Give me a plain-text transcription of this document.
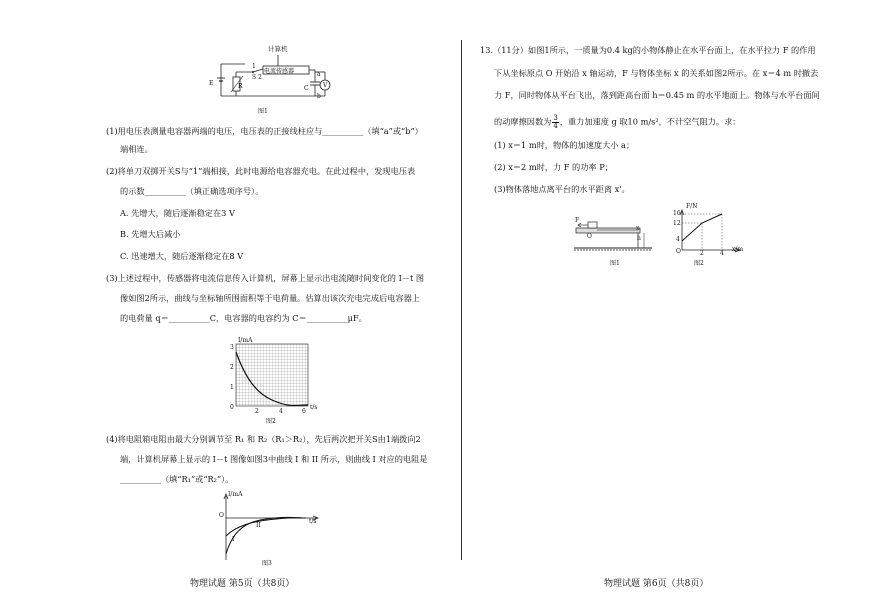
计算机
电流传感器
E	R
1
2
S
C
a
b
V
图1
(1)用电压表测量电容器两端的电压，电压表的正接线柱应与__________（填“a”或“b”）
端相连。
(2)将单刀双掷开关S与“1”端相接，此时电源给电容器充电。在此过程中，发现电压表
的示数__________（填正确选项序号）。
A. 先增大，随后逐渐稳定在3 V
B. 先增大后减小
C. 迅速增大，随后逐渐稳定在8 V
(3)上述过程中，传感器将电流信息传入计算机，屏幕上显示出电流随时间变化的 I－t 图
像如图2所示，曲线与坐标轴所围面积等于电荷量。估算出该次充电完成后电容器上
的电荷量 q＝__________C，电容器的电容约为 C＝__________μF。
I/mA
t/s
0
2	4	6
1
2
3
图2
(4)将电阻箱电阻由最大分别调节至 R₁ 和 R₂（R₁＞R₂），先后两次把开关S由1端拨向2
端，计算机屏幕上显示的 I－t 图像如图3中曲线 I 和 II 所示，则曲线 I 对应的电阻是
__________（填“R₁”或“R₂”）。
I/mA
t/s
O
I
II
图3
物理试题 第5页（共8页）
13.（11分）如图1所示，一质量为0.4 kg的小物体静止在水平台面上，在水平拉力 F 的作用
下从坐标原点 O 开始沿 x 轴运动，F 与物体坐标 x 的关系如图2所示。在 x＝4 m 时撤去
力 F，同时物体从平台飞出，落到距高台面 h＝0.45 m 的水平地面上。物体与水平台面间
的动摩擦因数为 $\frac{3}{4}$ ，重力加速度 g 取10 m/s²，不计空气阻力。求：
(1) x＝1 m时，物体的加速度大小 a；
(2) x＝2 m时，力 F 的功率 P；
(3)物体落地点离平台的水平距离 x'。
F
O
x
h
图1
F/N
x/m
16
12
4
2	4
O
图2
物理试题 第6页（共8页）
